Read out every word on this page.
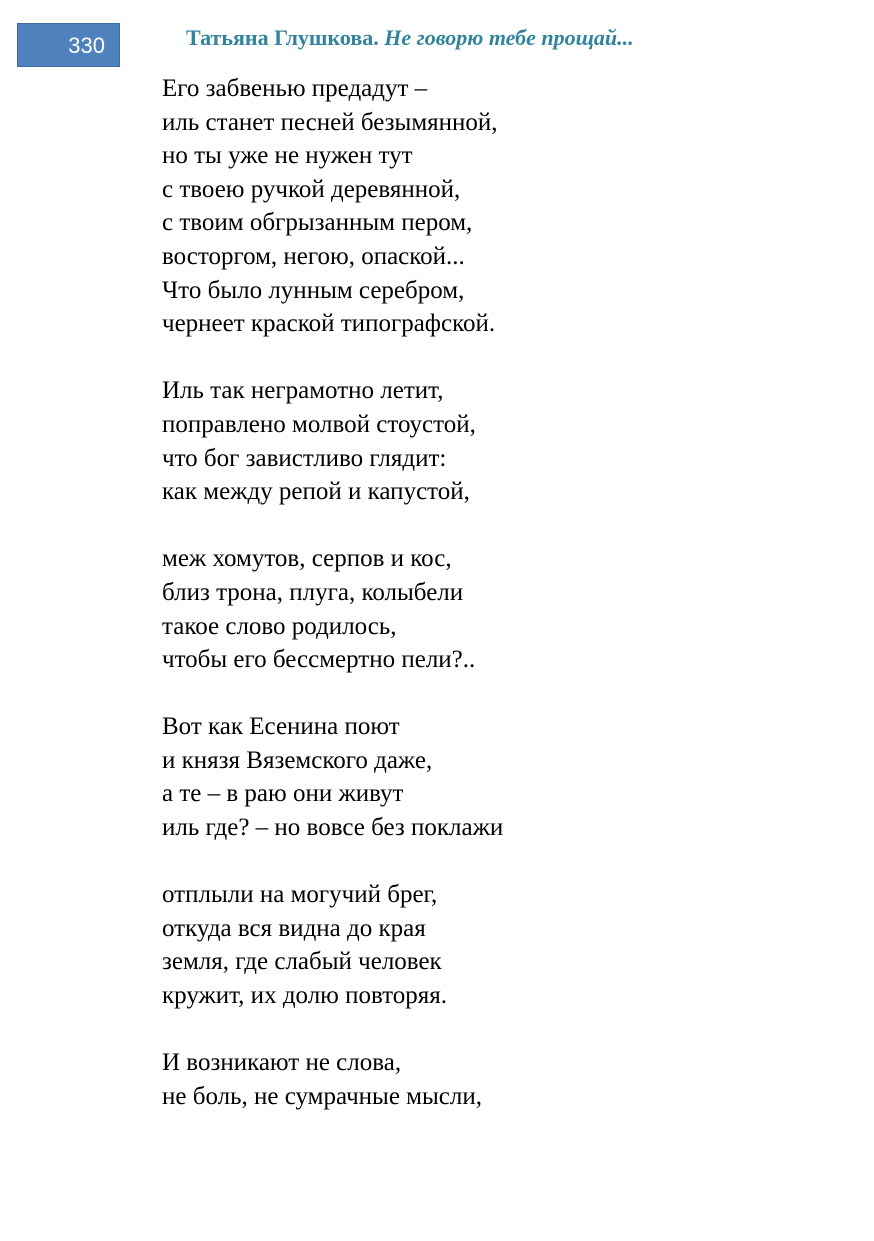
330	Татьяна Глушкова. Не говорю тебе прощай...
Его забвенью предадут –
иль станет песней безымянной,
но ты уже не нужен тут
с твоею ручкой деревянной,
с твоим обгрызанным пером,
восторгом, негою, опаской...
Что было лунным серебром,
чернеет краской типографской.
Иль так неграмотно летит,
поправлено молвой стоустой,
что бог завистливо глядит:
как между репой и капустой,
меж хомутов, серпов и кос,
близ трона, плуга, колыбели
такое слово родилось,
чтобы его бессмертно пели?..
Вот как Есенина поют
и князя Вяземского даже,
а те – в раю они живут
иль где? – но вовсе без поклажи
отплыли на могучий брег,
откуда вся видна до края
земля, где слабый человек
кружит, их долю повторяя.
И возникают не слова,
не боль, не сумрачные мысли,
